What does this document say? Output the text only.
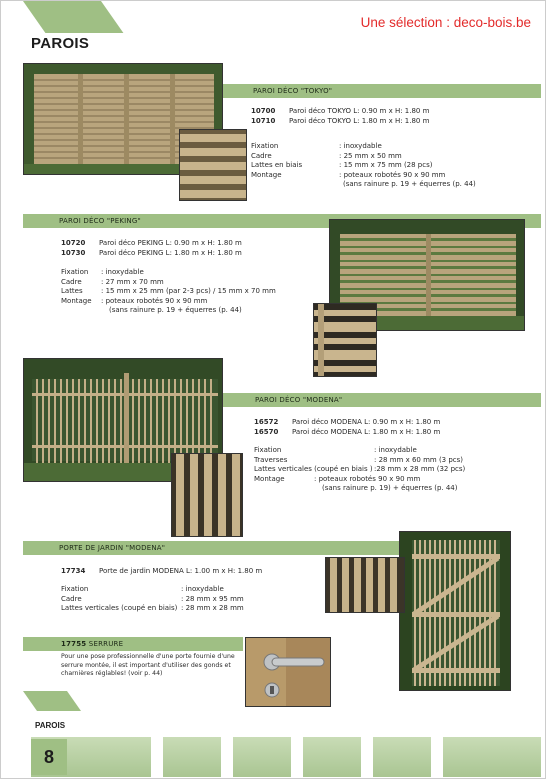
Une sélection : deco-bois.be
PAROIS
PAROI DÉCO "TOKYO"
10700 Paroi déco TOKYO L: 0.90 m x H: 1.80 m
10710 Paroi déco TOKYO L: 1.80 m x H: 1.80 m
Fixation	: inoxydable
Cadre	: 25 mm x 50 mm
Lattes en biais	: 15 mm x 75 mm (28 pcs)
Montage	: poteaux robotés 90 x 90 mm
(sans rainure p. 19 + équerres (p. 44)
PAROI DÉCO "PEKING"
10720 Paroi déco PEKING L: 0.90 m x H: 1.80 m
10730 Paroi déco PEKING L: 1.80 m x H: 1.80 m
Fixation : inoxydable
Cadre	: 27 mm x 70 mm
Lattes	: 15 mm x 25 mm (par 2-3 pcs) / 15 mm x 70 mm
Montage : poteaux robotés 90 x 90 mm
(sans rainure p. 19 + équerres (p. 44)
PAROI DÉCO "MODENA"
16572 Paroi déco MODENA L: 0.90 m x H: 1.80 m
16570 Paroi déco MODENA L: 1.80 m x H: 1.80 m
Fixation	: inoxydable
Traverses	: 28 mm x 60 mm (3 pcs)
Lattes verticales (coupé en biais ):28 mm x 28 mm (32 pcs)
Montage	: poteaux robotés 90 x 90 mm
(sans rainure p. 19) + équerres (p. 44)
PORTE DE JARDIN "MODENA"
17734 Porte de jardin MODENA L: 1.00 m x H: 1.80 m
Fixation	: inoxydable
Cadre	: 28 mm x 95 mm
Lattes verticales (coupé en biais) : 28 mm x 28 mm
17755 SERRURE
Pour une pose professionnelle d'une porte fournie d'une serrure montée, il est important d'utiliser des gonds et charnières réglables! (voir p. 44)
PAROIS
8
